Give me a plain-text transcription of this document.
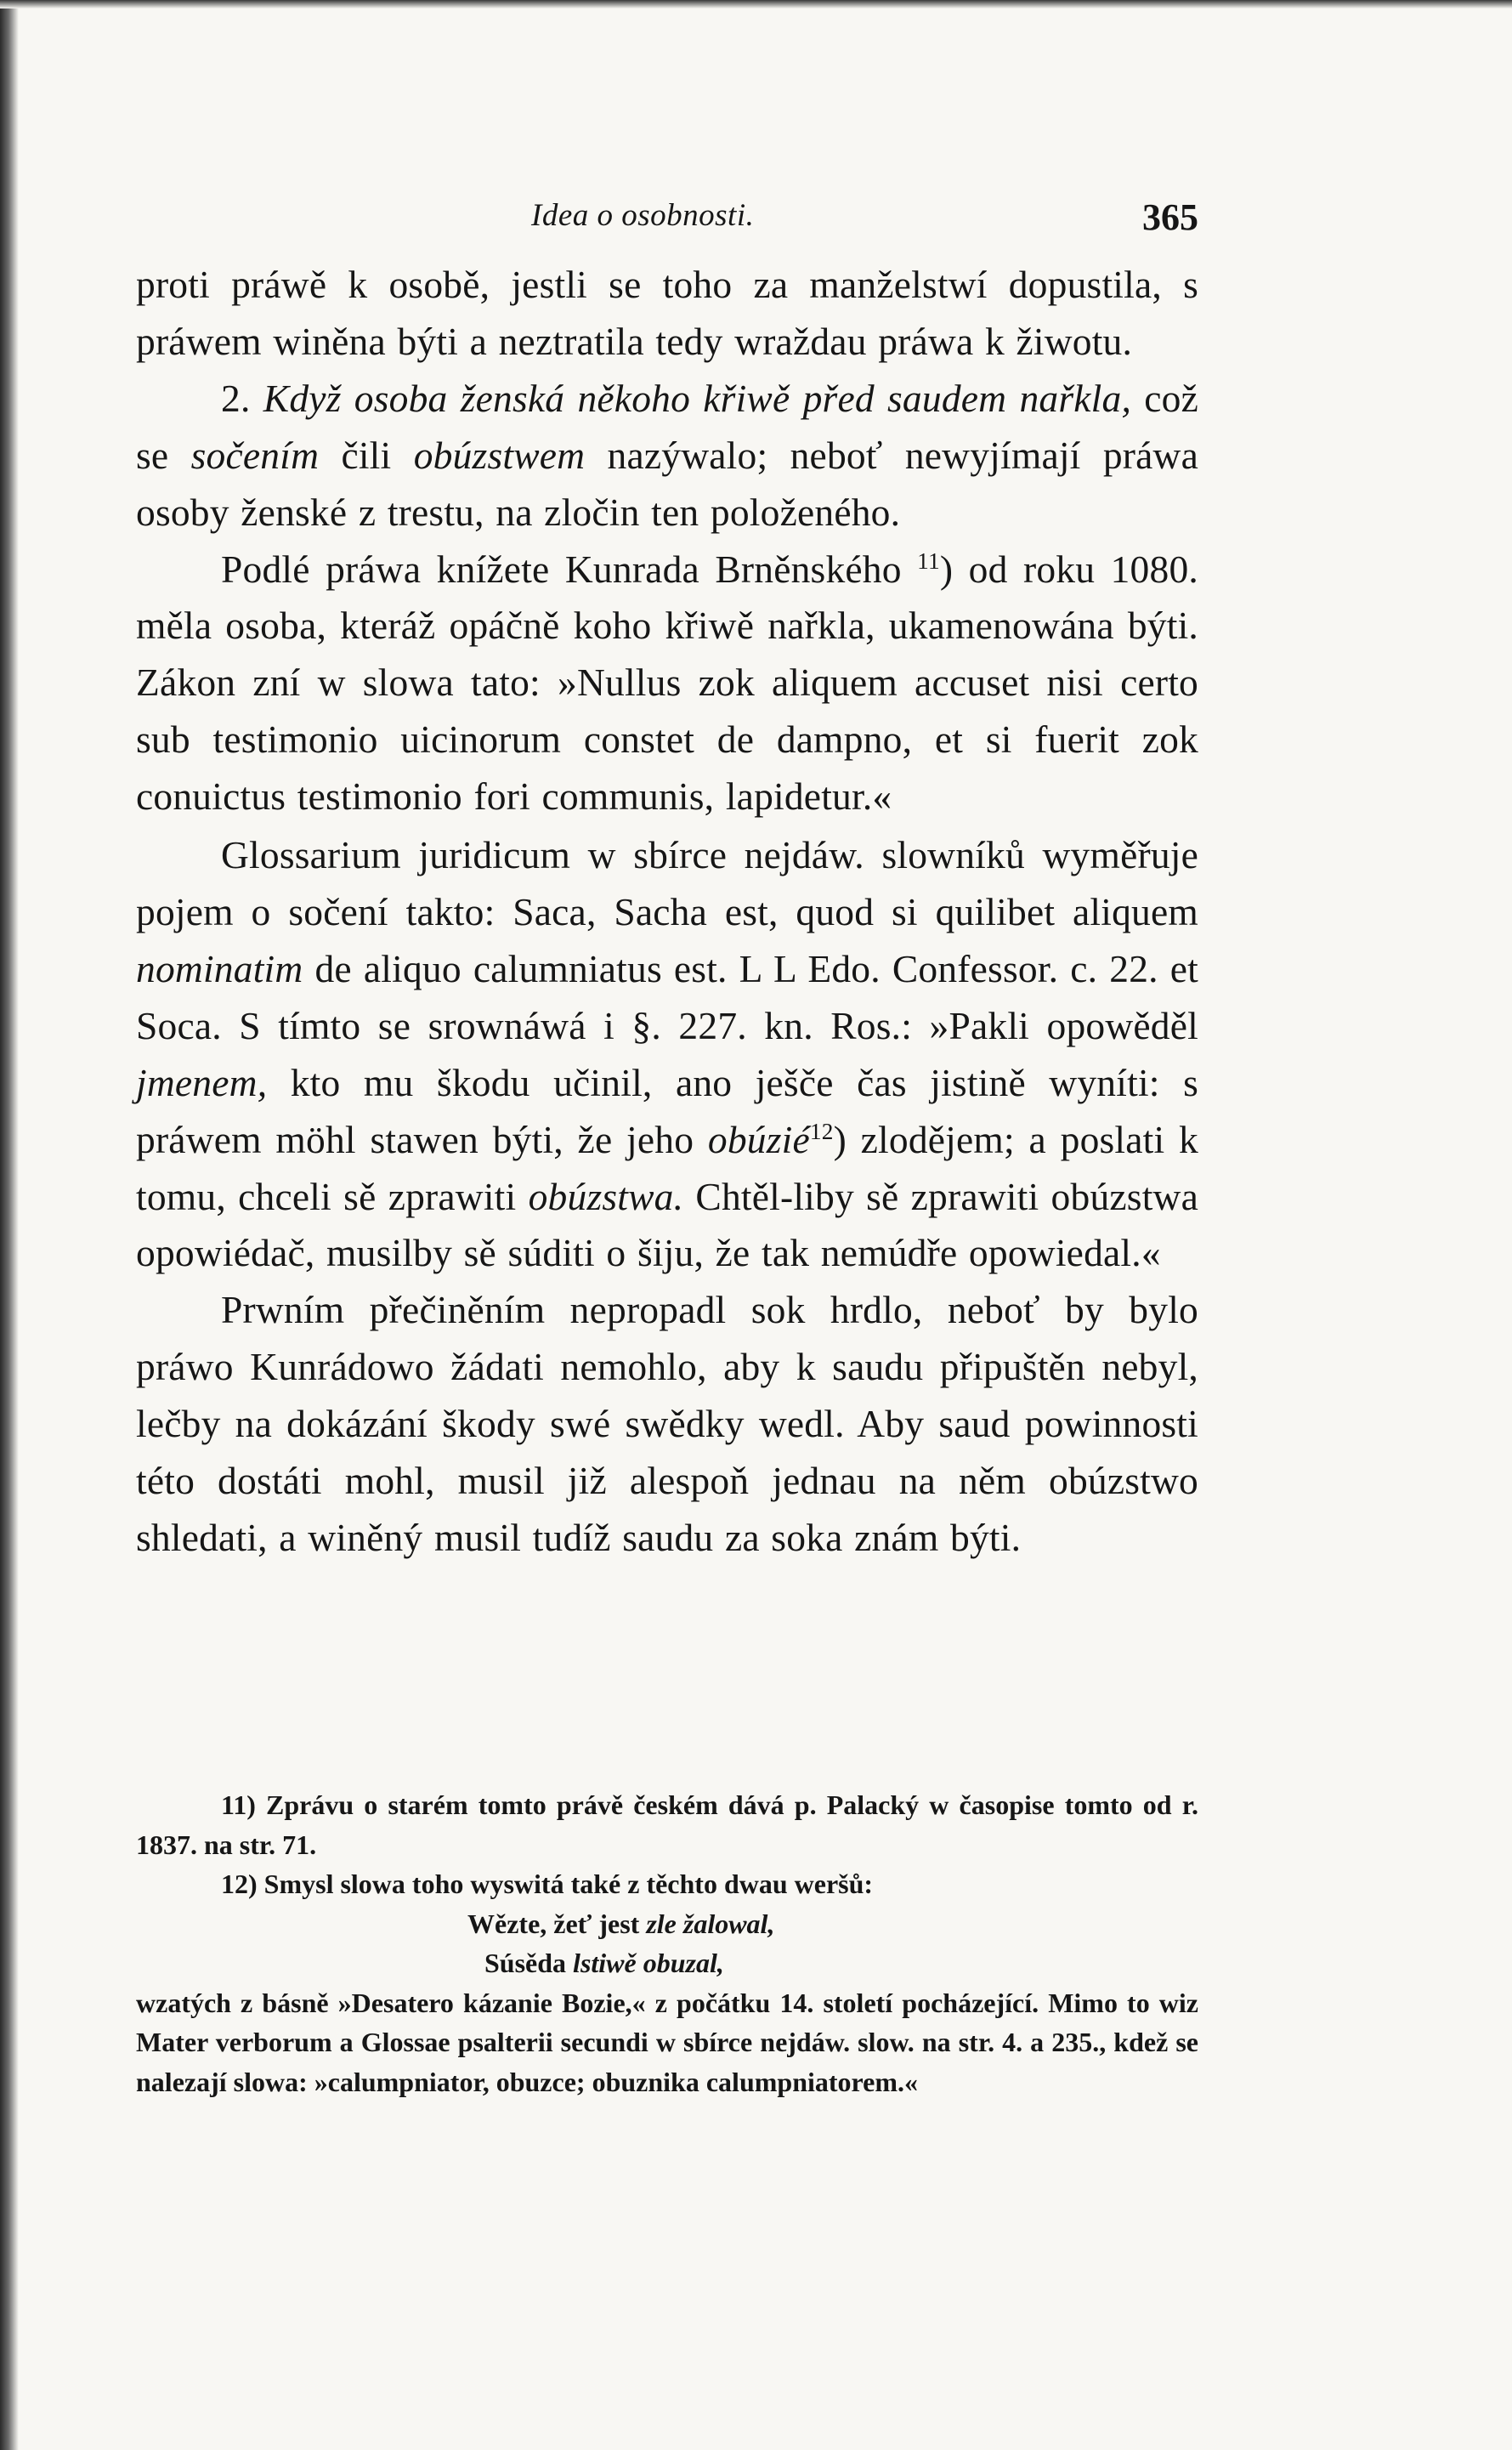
Idea o osobnosti.	365

proti práwě k osobě, jestli se toho za manželstwí dopustila, s práwem winěna býti a neztratila tedy wraždau práwa k žiwotu.

2. Když osoba ženská někoho křiwě před saudem nařkla, což se sočením čili obúzstwem nazýwalo; neboť newyjímají práwa osoby ženské z trestu, na zločin ten položeného.

Podlé práwa knížete Kunrada Brněnského $^{11}$) od roku 1080. měla osoba, kteráž opáčně koho křiwě nařkla, ukamenowána býti. Zákon zní w slowa tato: »Nullus zok aliquem accuset nisi certo sub testimonio uicinorum constet de dampno, et si fuerit zok conuictus testimonio fori communis, lapidetur.«

Glossarium juridicum w sbírce nejdáw. slowníků wyměřuje pojem o sočení takto: Saca, Sacha est, quod si quilibet aliquem nominatim de aliquo calumniatus est. L L Edo. Confessor. c. 22. et Soca. S tímto se srownáwá i §. 227. kn. Ros.: »Pakli opowěděl jmenem, kto mu škodu učinil, ano ješče čas jistině wyníti: s práwem möhl stawen býti, že jeho obúzié$^{12}$) zlodějem; a poslati k tomu, chceli sě zprawiti obúzstwa. Chtěl-liby sě zprawiti obúzstwa opowiédač, musilby sě súditi o šiju, že tak nemúdře opowiedal.«

Prwním přečiněním nepropadl sok hrdlo, neboť by bylo práwo Kunrádowo žádati nemohlo, aby k saudu připuštěn nebyl, lečby na dokázání škody swé swědky wedl. Aby saud powinnosti této dostáti mohl, musil již alespoň jednau na něm obúzstwo shledati, a winěný musil tudíž saudu za soka znám býti.

11) Zprávu o starém tomto právě českém dává p. Palacký w časopise tomto od r. 1837. na str. 71.

12) Smysl slowa toho wyswitá také z těchto dwau weršů:

Wězte, žeť jest zle žalowal,
Súsěda lstiwě obuzal,

wzatých z básně »Desatero kázanie Bozie,« z počátku 14. století pocházející. Mimo to wiz Mater verborum a Glossae psalterii secundi w sbírce nejdáw. slow. na str. 4. a 235., kdež se nalezají slowa: »calumpniator, obuzce; obuznika calumpniatorem.«
